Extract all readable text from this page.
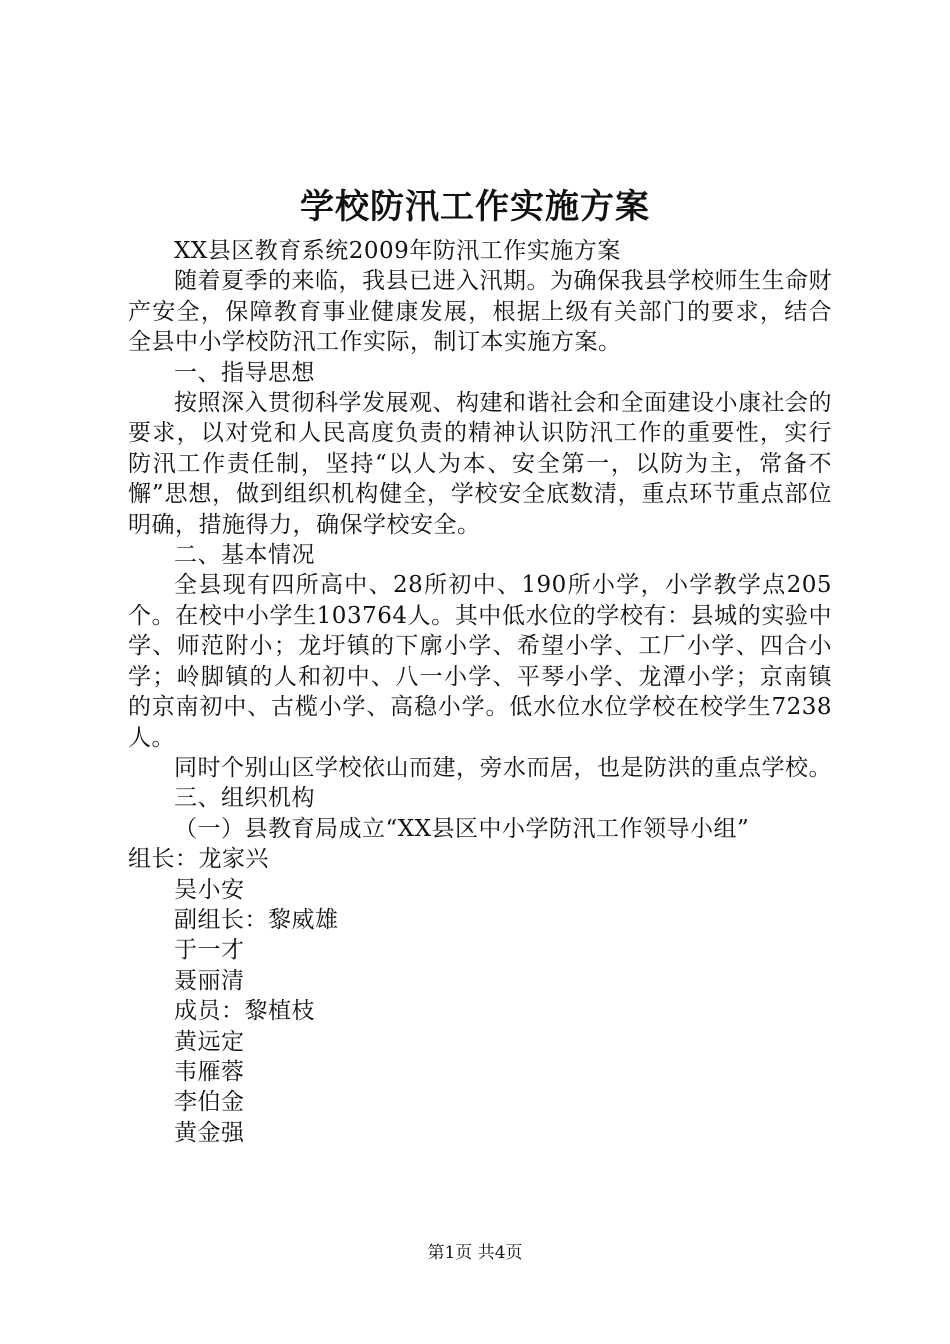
学校防汛工作实施方案

XX县区教育系统2009年防汛工作实施方案

随着夏季的来临，我县已进入汛期。为确保我县学校师生生命财产安全，保障教育事业健康发展，根据上级有关部门的要求，结合全县中小学校防汛工作实际，制订本实施方案。

一、指导思想

按照深入贯彻科学发展观、构建和谐社会和全面建设小康社会的要求，以对党和人民高度负责的精神认识防汛工作的重要性，实行防汛工作责任制，坚持“以人为本、安全第一，以防为主，常备不懈”思想，做到组织机构健全，学校安全底数清，重点环节重点部位明确，措施得力，确保学校安全。

二、基本情况

全县现有四所高中、28所初中、190所小学，小学教学点205个。在校中小学生103764人。其中低水位的学校有：县城的实验中学、师范附小；龙圩镇的下廓小学、希望小学、工厂小学、四合小学；岭脚镇的人和初中、八一小学、平琴小学、龙潭小学；京南镇的京南初中、古榄小学、高稳小学。低水位水位学校在校学生7238人。

同时个别山区学校依山而建，旁水而居，也是防洪的重点学校。

三、组织机构

（一）县教育局成立“XX县区中小学防汛工作领导小组”

组长：龙家兴

吴小安

副组长：黎威雄

于一才

聂丽清

成员：黎植枝

黄远定

韦雁蓉

李伯金

黄金强

第1页 共4页
